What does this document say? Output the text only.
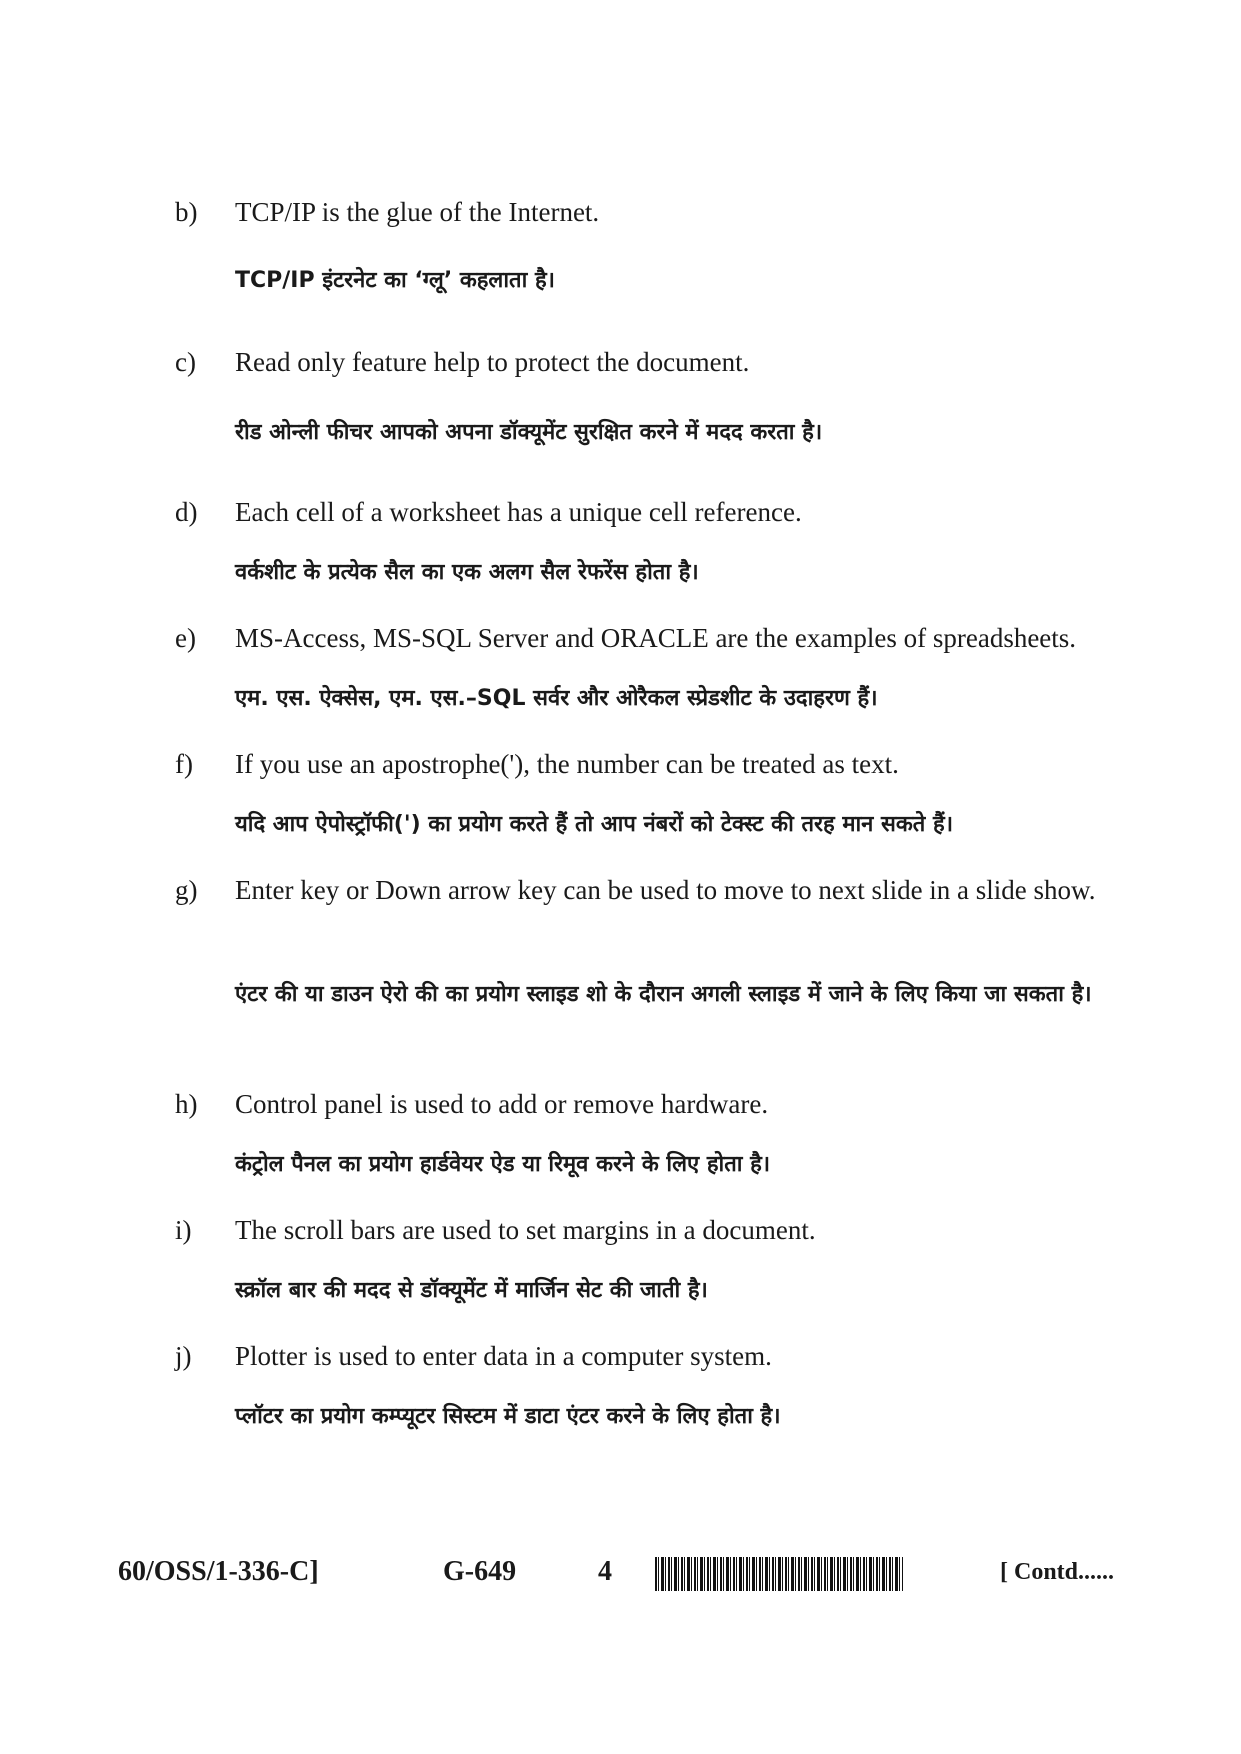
b) TCP/IP is the glue of the Internet.
TCP/IP इंटरनेट का ‘ग्लू’ कहलाता है।
c) Read only feature help to protect the document.
रीड ओन्ली फीचर आपको अपना डॉक्यूमेंट सुरक्षित करने में मदद करता है।
d) Each cell of a worksheet has a unique cell reference.
वर्कशीट के प्रत्येक सैल का एक अलग सैल रेफरेंस होता है।
e) MS-Access, MS-SQL Server and ORACLE are the examples of spreadsheets.
एम. एस. ऐक्सेस, एम. एस.–SQL सर्वर और ओरैकल स्प्रेडशीट के उदाहरण हैं।
f) If you use an apostrophe('), the number can be treated as text.
यदि आप ऐपोस्ट्रॉफी(') का प्रयोग करते हैं तो आप नंबरों को टेक्स्ट की तरह मान सकते हैं।
g) Enter key or Down arrow key can be used to move to next slide in a slide show.
एंटर की या डाउन ऐरो की का प्रयोग स्लाइड शो के दौरान अगली स्लाइड में जाने के लिए किया जा सकता है।
h) Control panel is used to add or remove hardware.
कंट्रोल पैनल का प्रयोग हार्डवेयर ऐड या रिमूव करने के लिए होता है।
i) The scroll bars are used to set margins in a document.
स्क्रॉल बार की मदद से डॉक्यूमेंट में मार्जिन सेट की जाती है।
j) Plotter is used to enter data in a computer system.
प्लॉटर का प्रयोग कम्प्यूटर सिस्टम में डाटा एंटर करने के लिए होता है।
60/OSS/1-336-C]	G-649	4	[ Contd......
